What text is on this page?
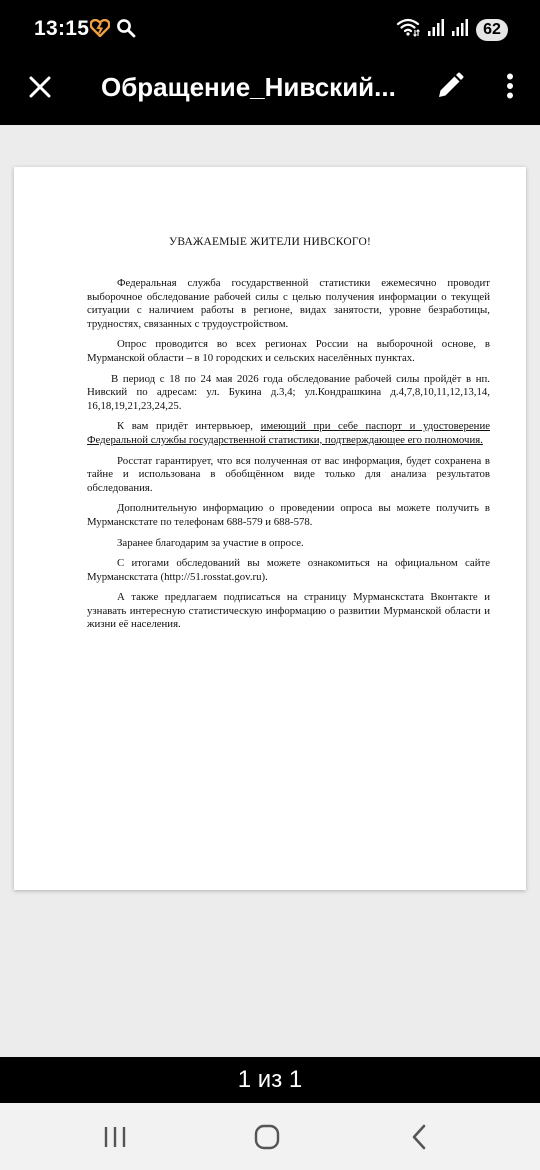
13:15	62
Обращение_Нивский...
УВАЖАЕМЫЕ ЖИТЕЛИ НИВСКОГО!

Федеральная служба государственной статистики ежемесячно проводит выборочное обследование рабочей силы с целью получения информации о текущей ситуации с наличием работы в регионе, видах занятости, уровне безработицы, трудностях, связанных с трудоустройством.

Опрос проводится во всех регионах России на выборочной основе, в Мурманской области – в 10 городских и сельских населённых пунктах.

В период с 18 по 24 мая 2026 года обследование рабочей силы пройдёт в нп. Нивский по адресам: ул. Букина д.3,4; ул.Кондрашкина д.4,7,8,10,11,12,13,14, 16,18,19,21,23,24,25.

К вам придёт интервьюер, имеющий при себе паспорт и удостоверение Федеральной службы государственной статистики, подтверждающее его полномочия.

Росстат гарантирует, что вся полученная от вас информация, будет сохранена в тайне и использована в обобщённом виде только для анализа результатов обследования.

Дополнительную информацию о проведении опроса вы можете получить в Мурманскстате по телефонам 688-579 и 688-578.

Заранее благодарим за участие в опросе.

С итогами обследований вы можете ознакомиться на официальном сайте Мурманскстата (http://51.rosstat.gov.ru).

А также предлагаем подписаться на страницу Мурманскстата Вконтакте и узнавать интересную статистическую информацию о развитии Мурманской области и жизни её населения.

1 из 1
